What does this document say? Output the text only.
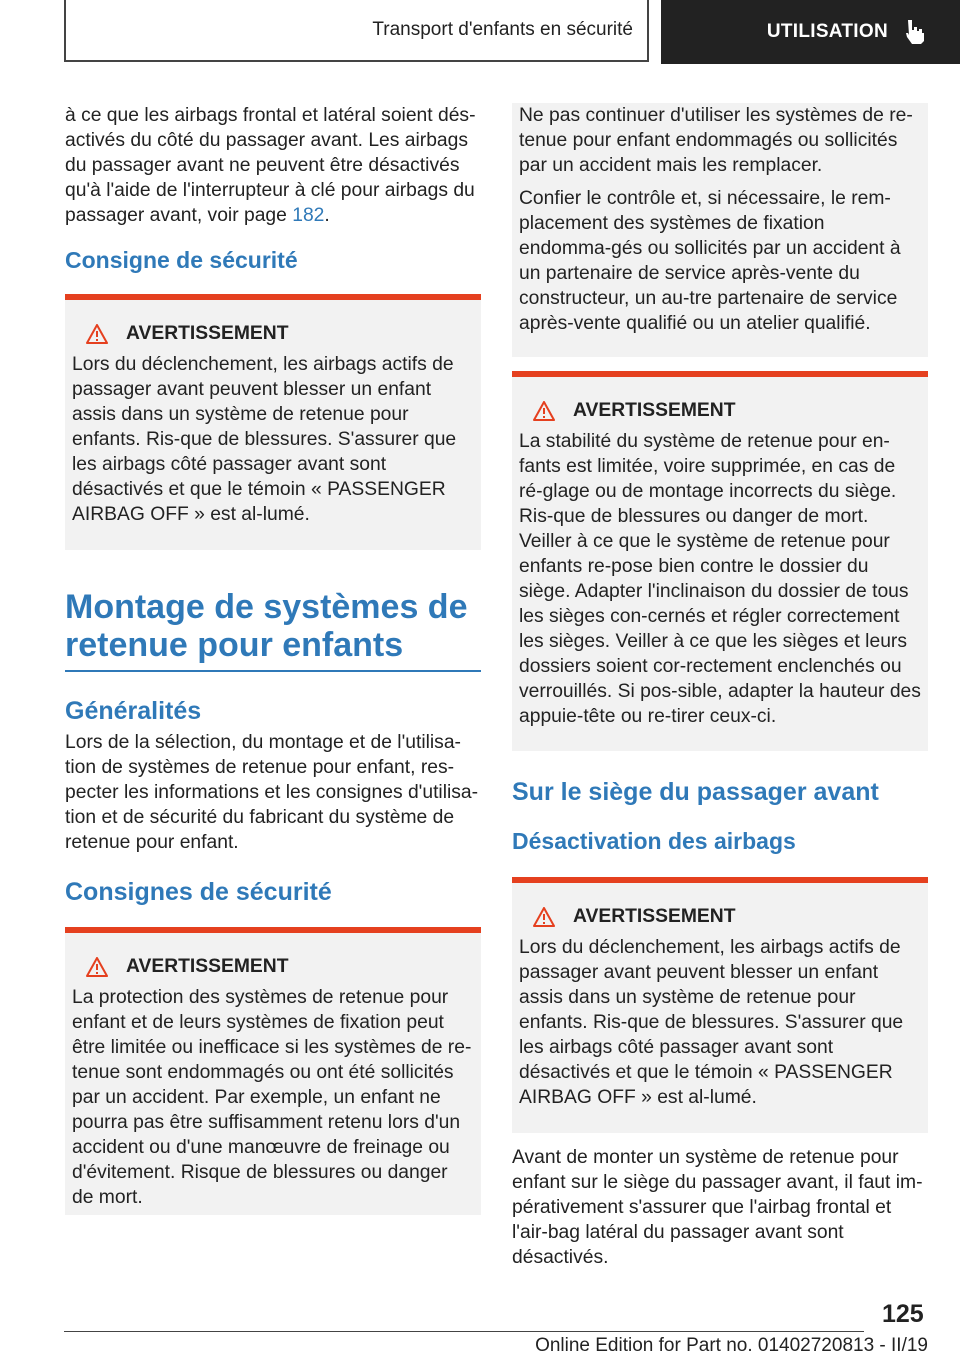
Transport d'enfants en sécurité	UTILISATION

à ce que les airbags frontal et latéral soient dés-activés du côté du passager avant. Les airbags du passager avant ne peuvent être désactivés qu'à l'aide de l'interrupteur à clé pour airbags du passager avant, voir page 182.

Consigne de sécurité
AVERTISSEMENT

Lors du déclenchement, les airbags actifs de passager avant peuvent blesser un enfant assis dans un système de retenue pour enfants. Ris-que de blessures. S'assurer que les airbags côté passager avant sont désactivés et que le témoin « PASSENGER AIRBAG OFF » est al-lumé.

Montage de systèmes de retenue pour enfants
Généralités

Lors de la sélection, du montage et de l'utilisa-tion de systèmes de retenue pour enfant, res-pecter les informations et les consignes d'utilisa-tion et de sécurité du fabricant du système de retenue pour enfant.

Consignes de sécurité
AVERTISSEMENT

La protection des systèmes de retenue pour enfant et de leurs systèmes de fixation peut être limitée ou inefficace si les systèmes de re-tenue sont endommagés ou ont été sollicités par un accident. Par exemple, un enfant ne pourra pas être suffisamment retenu lors d'un accident ou d'une manœuvre de freinage ou d'évitement. Risque de blessures ou danger de mort.

Ne pas continuer d'utiliser les systèmes de re-tenue pour enfant endommagés ou sollicités par un accident mais les remplacer.

Confier le contrôle et, si nécessaire, le rem-placement des systèmes de fixation endomma-gés ou sollicités par un accident à un partenaire de service après-vente du constructeur, un au-tre partenaire de service après-vente qualifié ou un atelier qualifié.

AVERTISSEMENT

La stabilité du système de retenue pour en-fants est limitée, voire supprimée, en cas de ré-glage ou de montage incorrects du siège. Ris-que de blessures ou danger de mort. Veiller à ce que le système de retenue pour enfants re-pose bien contre le dossier du siège. Adapter l'inclinaison du dossier de tous les sièges con-cernés et régler correctement les sièges. Veiller à ce que les sièges et leurs dossiers soient cor-rectement enclenchés ou verrouillés. Si pos-sible, adapter la hauteur des appuie-tête ou re-tirer ceux-ci.

Sur le siège du passager avant
Désactivation des airbags
AVERTISSEMENT

Lors du déclenchement, les airbags actifs de passager avant peuvent blesser un enfant assis dans un système de retenue pour enfants. Ris-que de blessures. S'assurer que les airbags côté passager avant sont désactivés et que le témoin « PASSENGER AIRBAG OFF » est al-lumé.

Avant de monter un système de retenue pour enfant sur le siège du passager avant, il faut im-pérativement s'assurer que l'airbag frontal et l'air-bag latéral du passager avant sont désactivés.

125
Online Edition for Part no. 01402720813 - II/19
